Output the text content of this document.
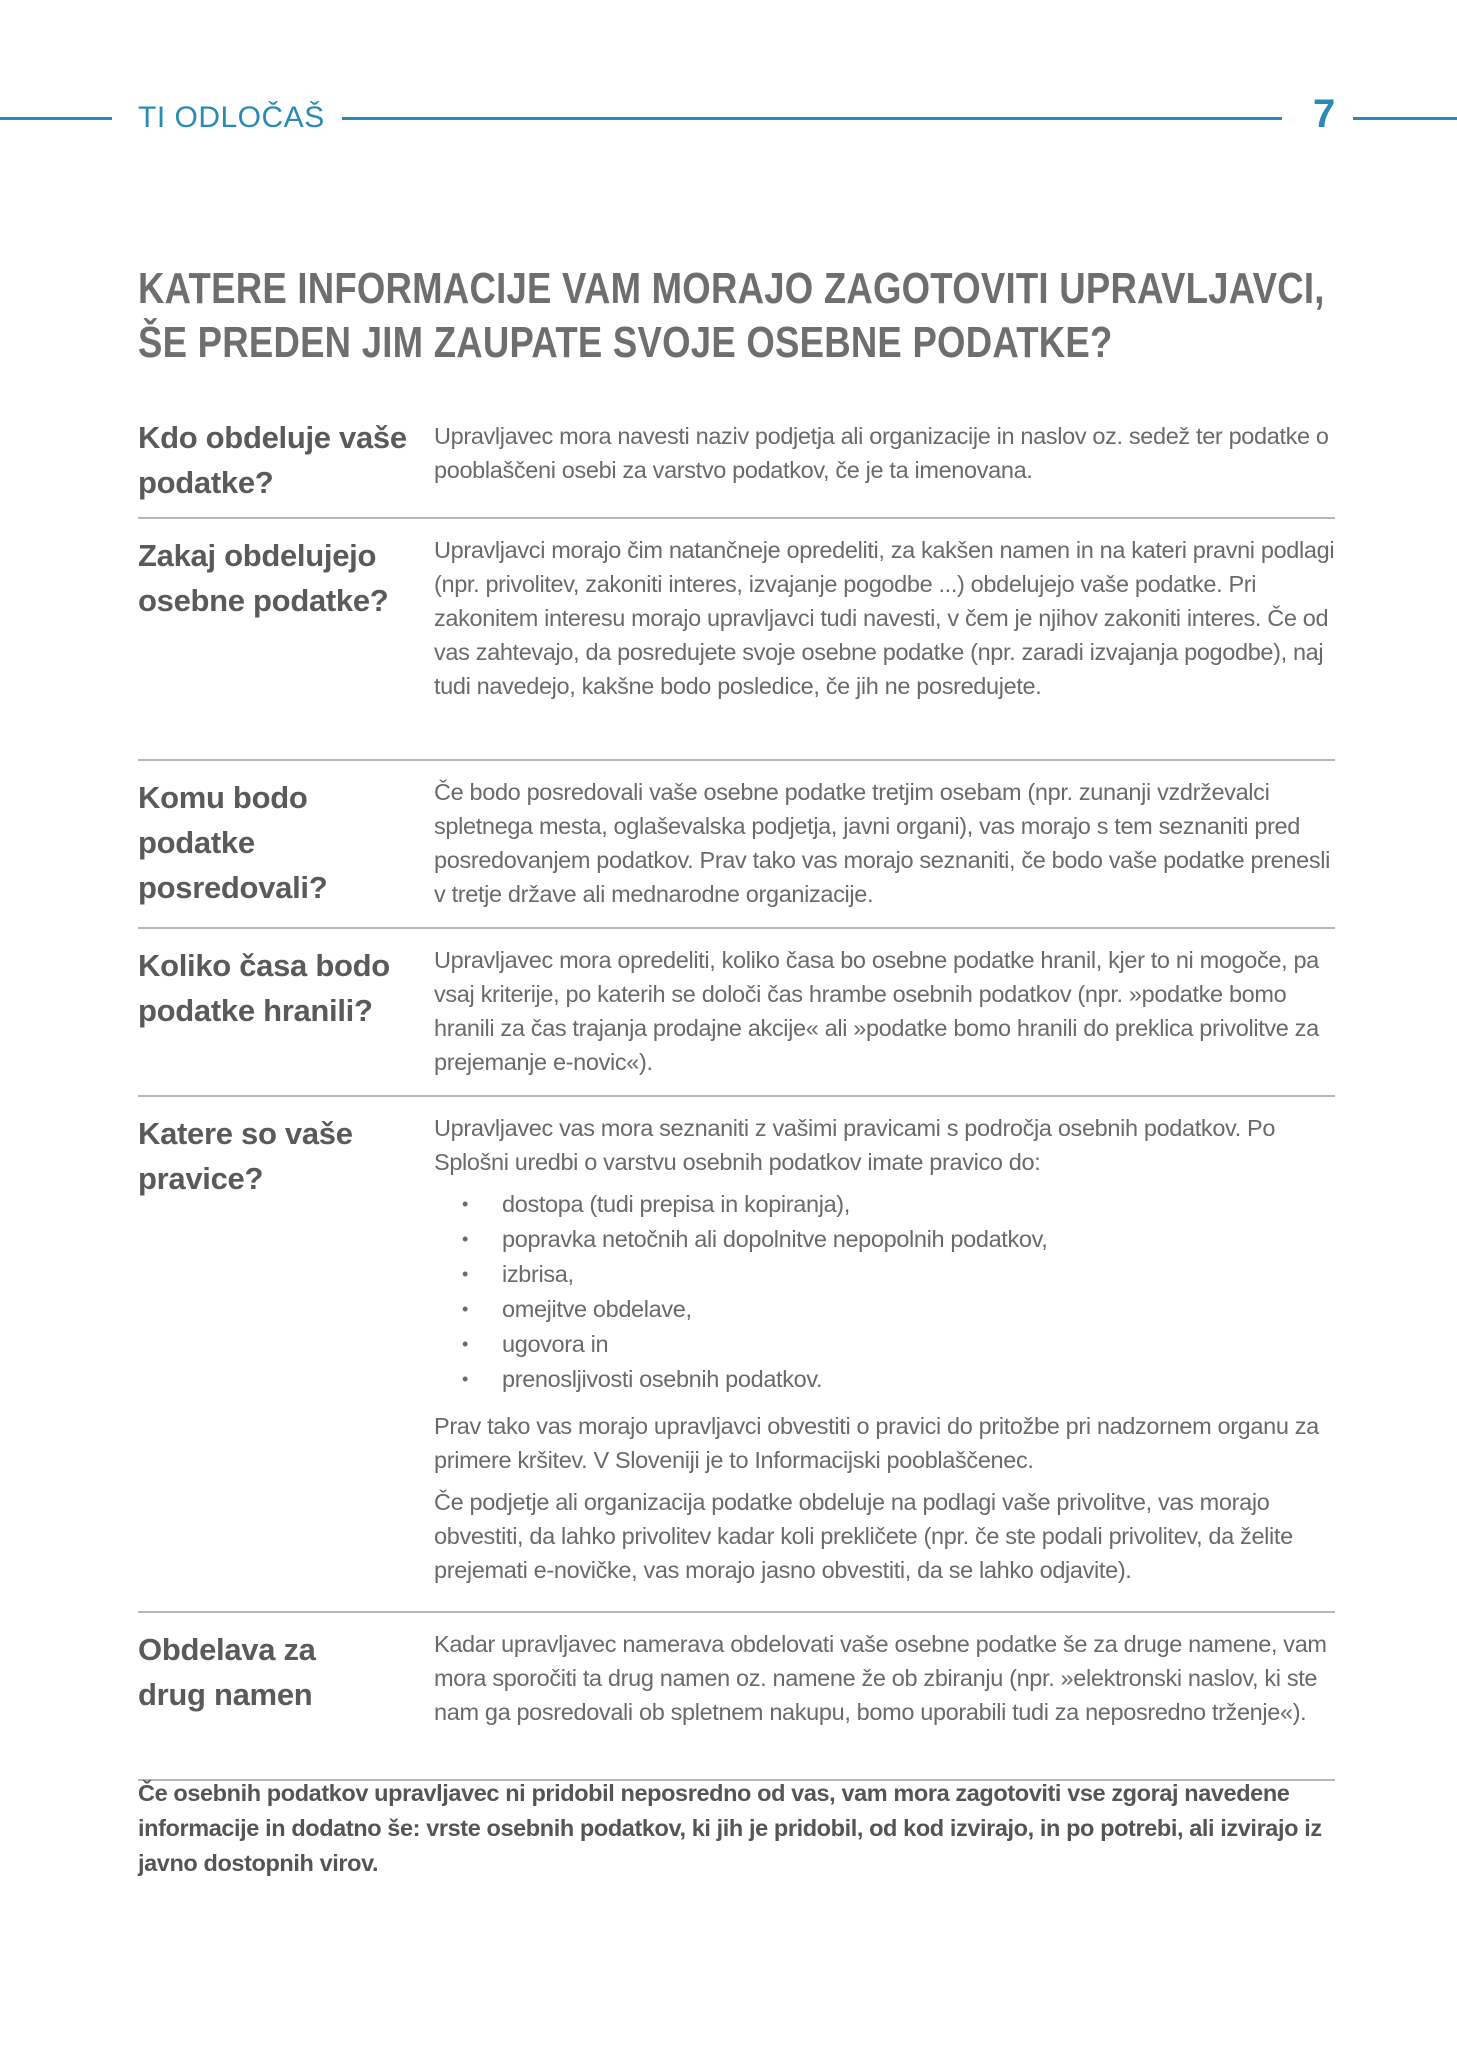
TI ODLOČAŠ	7
KATERE INFORMACIJE VAM MORAJO ZAGOTOVITI UPRAVLJAVCI,
ŠE PREDEN JIM ZAUPATE SVOJE OSEBNE PODATKE?
Kdo obdeluje vaše podatke?

Upravljavec mora navesti naziv podjetja ali organizacije in naslov oz. sedež ter podatke o pooblaščeni osebi za varstvo podatkov, če je ta imenovana.

Zakaj obdelujejo osebne podatke?

Upravljavci morajo čim natančneje opredeliti, za kakšen namen in na kateri pravni podlagi (npr. privolitev, zakoniti interes, izvajanje pogodbe ...) obdelujejo vaše podatke. Pri zakonitem interesu morajo upravljavci tudi navesti, v čem je njihov zakoniti interes. Če od vas zahtevajo, da posredujete svoje osebne podatke (npr. zaradi izvajanja pogodbe), naj tudi navedejo, kakšne bodo posledice, če jih ne posredujete.

Komu bodo podatke posredovali?

Če bodo posredovali vaše osebne podatke tretjim osebam (npr. zunanji vzdrževalci spletnega mesta, oglaševalska podjetja, javni organi), vas morajo s tem seznaniti pred posredovanjem podatkov. Prav tako vas morajo seznaniti, če bodo vaše podatke prenesli v tretje države ali mednarodne organizacije.

Koliko časa bodo podatke hranili?

Upravljavec mora opredeliti, koliko časa bo osebne podatke hranil, kjer to ni mogoče, pa vsaj kriterije, po katerih se določi čas hrambe osebnih podatkov (npr. »podatke bomo hranili za čas trajanja prodajne akcije« ali »podatke bomo hranili do preklica privolitve za prejemanje e-novic«).

Katere so vaše pravice?

Upravljavec vas mora seznaniti z vašimi pravicami s področja osebnih podatkov. Po Splošni uredbi o varstvu osebnih podatkov imate pravico do:

• dostopa (tudi prepisa in kopiranja),
• popravka netočnih ali dopolnitve nepopolnih podatkov,
• izbrisa,
• omejitve obdelave,
• ugovora in
• prenosljivosti osebnih podatkov.

Prav tako vas morajo upravljavci obvestiti o pravici do pritožbe pri nadzornem organu za primere kršitev. V Sloveniji je to Informacijski pooblaščenec.

Če podjetje ali organizacija podatke obdeluje na podlagi vaše privolitve, vas morajo obvestiti, da lahko privolitev kadar koli prekličete (npr. če ste podali privolitev, da želite prejemati e-novičke, vas morajo jasno obvestiti, da se lahko odjavite).

Obdelava za drug namen

Kadar upravljavec namerava obdelovati vaše osebne podatke še za druge namene, vam mora sporočiti ta drug namen oz. namene že ob zbiranju (npr. »elektronski naslov, ki ste nam ga posredovali ob spletnem nakupu, bomo uporabili tudi za neposredno trženje«).

Če osebnih podatkov upravljavec ni pridobil neposredno od vas, vam mora zagotoviti vse zgoraj navedene informacije in dodatno še: vrste osebnih podatkov, ki jih je pridobil, od kod izvirajo, in po potrebi, ali izvirajo iz javno dostopnih virov.
